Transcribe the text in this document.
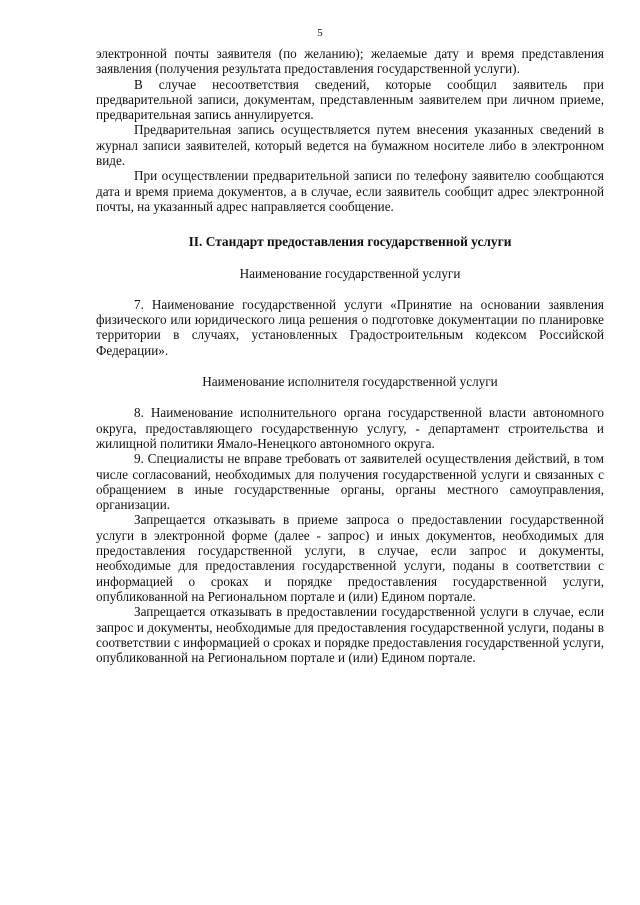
5

электронной почты заявителя (по желанию); желаемые дату и время представления заявления (получения результата предоставления государственной услуги).

В случае несоответствия сведений, которые сообщил заявитель при предварительной записи, документам, представленным заявителем при личном приеме, предварительная запись аннулируется.

Предварительная запись осуществляется путем внесения указанных сведений в журнал записи заявителей, который ведется на бумажном носителе либо в электронном виде.

При осуществлении предварительной записи по телефону заявителю сообщаются дата и время приема документов, а в случае, если заявитель сообщит адрес электронной почты, на указанный адрес направляется сообщение.

II. Стандарт предоставления государственной услуги
Наименование государственной услуги

7. Наименование государственной услуги «Принятие на основании заявления физического или юридического лица решения о подготовке документации по планировке территории в случаях, установленных Градостроительным кодексом Российской Федерации».

Наименование исполнителя государственной услуги

8. Наименование исполнительного органа государственной власти автономного округа, предоставляющего государственную услугу, - департамент строительства и жилищной политики Ямало-Ненецкого автономного округа.

9. Специалисты не вправе требовать от заявителей осуществления действий, в том числе согласований, необходимых для получения государственной услуги и связанных с обращением в иные государственные органы, органы местного самоуправления, организации.

Запрещается отказывать в приеме запроса о предоставлении государственной услуги в электронной форме (далее - запрос) и иных документов, необходимых для предоставления государственной услуги, в случае, если запрос и документы, необходимые для предоставления государственной услуги, поданы в соответствии с информацией о сроках и порядке предоставления государственной услуги, опубликованной на Региональном портале и (или) Едином портале.

Запрещается отказывать в предоставлении государственной услуги в случае, если запрос и документы, необходимые для предоставления государственной услуги, поданы в соответствии с информацией о сроках и порядке предоставления государственной услуги, опубликованной на Региональном портале и (или) Едином портале.
